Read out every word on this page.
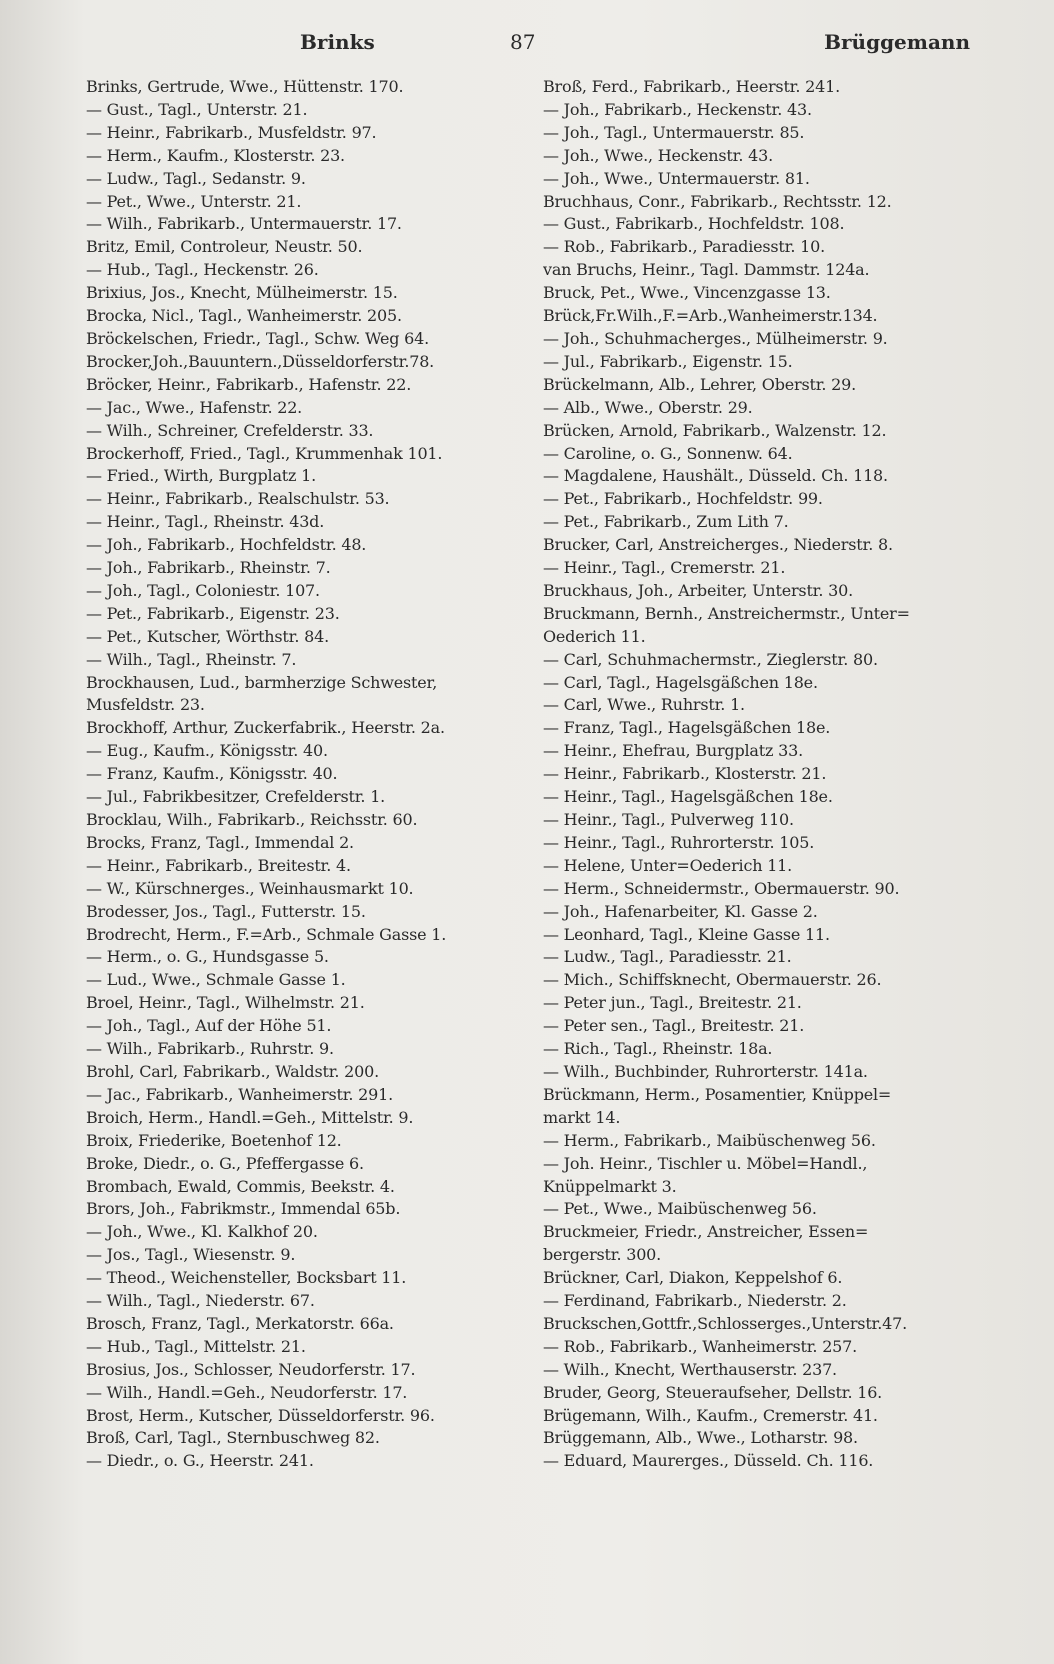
Brinks	87	Brüggemann
Brinks, Gertrude, Wwe., Hüttenstr. 170.
— Gust., Tagl., Unterstr. 21.
— Heinr., Fabrikarb., Musfeldstr. 97.
— Herm., Kaufm., Klosterstr. 23.
— Ludw., Tagl., Sedanstr. 9.
— Pet., Wwe., Unterstr. 21.
— Wilh., Fabrikarb., Untermauerstr. 17.
Britz, Emil, Controleur, Neustr. 50.
— Hub., Tagl., Heckenstr. 26.
Brixius, Jos., Knecht, Mülheimerstr. 15.
Brocka, Nicl., Tagl., Wanheimerstr. 205.
Bröckelschen, Friedr., Tagl., Schw. Weg 64.
Brocker,Joh.,Bauuntern.,Düsseldorferstr.78.
Bröcker, Heinr., Fabrikarb., Hafenstr. 22.
— Jac., Wwe., Hafenstr. 22.
— Wilh., Schreiner, Crefelderstr. 33.
Brockerhoff, Fried., Tagl., Krummenhak 101.
— Fried., Wirth, Burgplatz 1.
— Heinr., Fabrikarb., Realschulstr. 53.
— Heinr., Tagl., Rheinstr. 43d.
— Joh., Fabrikarb., Hochfeldstr. 48.
— Joh., Fabrikarb., Rheinstr. 7.
— Joh., Tagl., Coloniestr. 107.
— Pet., Fabrikarb., Eigenstr. 23.
— Pet., Kutscher, Wörthstr. 84.
— Wilh., Tagl., Rheinstr. 7.
Brockhausen, Lud., barmherzige Schwester,
Musfeldstr. 23.
Brockhoff, Arthur, Zuckerfabrik., Heerstr. 2a.
— Eug., Kaufm., Königsstr. 40.
— Franz, Kaufm., Königsstr. 40.
— Jul., Fabrikbesitzer, Crefelderstr. 1.
Brocklau, Wilh., Fabrikarb., Reichsstr. 60.
Brocks, Franz, Tagl., Immendal 2.
— Heinr., Fabrikarb., Breitestr. 4.
— W., Kürschnerges., Weinhausmarkt 10.
Brodesser, Jos., Tagl., Futterstr. 15.
Brodrecht, Herm., F.=Arb., Schmale Gasse 1.
— Herm., o. G., Hundsgasse 5.
— Lud., Wwe., Schmale Gasse 1.
Broel, Heinr., Tagl., Wilhelmstr. 21.
— Joh., Tagl., Auf der Höhe 51.
— Wilh., Fabrikarb., Ruhrstr. 9.
Brohl, Carl, Fabrikarb., Waldstr. 200.
— Jac., Fabrikarb., Wanheimerstr. 291.
Broich, Herm., Handl.=Geh., Mittelstr. 9.
Broix, Friederike, Boetenhof 12.
Broke, Diedr., o. G., Pfeffergasse 6.
Brombach, Ewald, Commis, Beekstr. 4.
Brors, Joh., Fabrikmstr., Immendal 65b.
— Joh., Wwe., Kl. Kalkhof 20.
— Jos., Tagl., Wiesenstr. 9.
— Theod., Weichensteller, Bocksbart 11.
— Wilh., Tagl., Niederstr. 67.
Brosch, Franz, Tagl., Merkatorstr. 66a.
— Hub., Tagl., Mittelstr. 21.
Brosius, Jos., Schlosser, Neudorferstr. 17.
— Wilh., Handl.=Geh., Neudorferstr. 17.
Brost, Herm., Kutscher, Düsseldorferstr. 96.
Broß, Carl, Tagl., Sternbuschweg 82.
— Diedr., o. G., Heerstr. 241.
Broß, Ferd., Fabrikarb., Heerstr. 241.
— Joh., Fabrikarb., Heckenstr. 43.
— Joh., Tagl., Untermauerstr. 85.
— Joh., Wwe., Heckenstr. 43.
— Joh., Wwe., Untermauerstr. 81.
Bruchhaus, Conr., Fabrikarb., Rechtsstr. 12.
— Gust., Fabrikarb., Hochfeldstr. 108.
— Rob., Fabrikarb., Paradiesstr. 10.
van Bruchs, Heinr., Tagl. Dammstr. 124a.
Bruck, Pet., Wwe., Vincenzgasse 13.
Brück,Fr.Wilh.,F.=Arb.,Wanheimerstr.134.
— Joh., Schuhmacherges., Mülheimerstr. 9.
— Jul., Fabrikarb., Eigenstr. 15.
Brückelmann, Alb., Lehrer, Oberstr. 29.
— Alb., Wwe., Oberstr. 29.
Brücken, Arnold, Fabrikarb., Walzenstr. 12.
— Caroline, o. G., Sonnenw. 64.
— Magdalene, Haushält., Düsseld. Ch. 118.
— Pet., Fabrikarb., Hochfeldstr. 99.
— Pet., Fabrikarb., Zum Lith 7.
Brucker, Carl, Anstreicherges., Niederstr. 8.
— Heinr., Tagl., Cremerstr. 21.
Bruckhaus, Joh., Arbeiter, Unterstr. 30.
Bruckmann, Bernh., Anstreichermstr., Unter=
Oederich 11.
— Carl, Schuhmachermstr., Zieglerstr. 80.
— Carl, Tagl., Hagelsgäßchen 18e.
— Carl, Wwe., Ruhrstr. 1.
— Franz, Tagl., Hagelsgäßchen 18e.
— Heinr., Ehefrau, Burgplatz 33.
— Heinr., Fabrikarb., Klosterstr. 21.
— Heinr., Tagl., Hagelsgäßchen 18e.
— Heinr., Tagl., Pulverweg 110.
— Heinr., Tagl., Ruhrorterstr. 105.
— Helene, Unter=Oederich 11.
— Herm., Schneidermstr., Obermauerstr. 90.
— Joh., Hafenarbeiter, Kl. Gasse 2.
— Leonhard, Tagl., Kleine Gasse 11.
— Ludw., Tagl., Paradiesstr. 21.
— Mich., Schiffsknecht, Obermauerstr. 26.
— Peter jun., Tagl., Breitestr. 21.
— Peter sen., Tagl., Breitestr. 21.
— Rich., Tagl., Rheinstr. 18a.
— Wilh., Buchbinder, Ruhrorterstr. 141a.
Brückmann, Herm., Posamentier, Knüppel=
markt 14.
— Herm., Fabrikarb., Maibüschenweg 56.
— Joh. Heinr., Tischler u. Möbel=Handl.,
Knüppelmarkt 3.
— Pet., Wwe., Maibüschenweg 56.
Bruckmeier, Friedr., Anstreicher, Essen=
bergerstr. 300.
Brückner, Carl, Diakon, Keppelshof 6.
— Ferdinand, Fabrikarb., Niederstr. 2.
Bruckschen,Gottfr.,Schlosserges.,Unterstr.47.
— Rob., Fabrikarb., Wanheimerstr. 257.
— Wilh., Knecht, Werthauserstr. 237.
Bruder, Georg, Steueraufseher, Dellstr. 16.
Brügemann, Wilh., Kaufm., Cremerstr. 41.
Brüggemann, Alb., Wwe., Lotharstr. 98.
— Eduard, Maurerges., Düsseld. Ch. 116.
